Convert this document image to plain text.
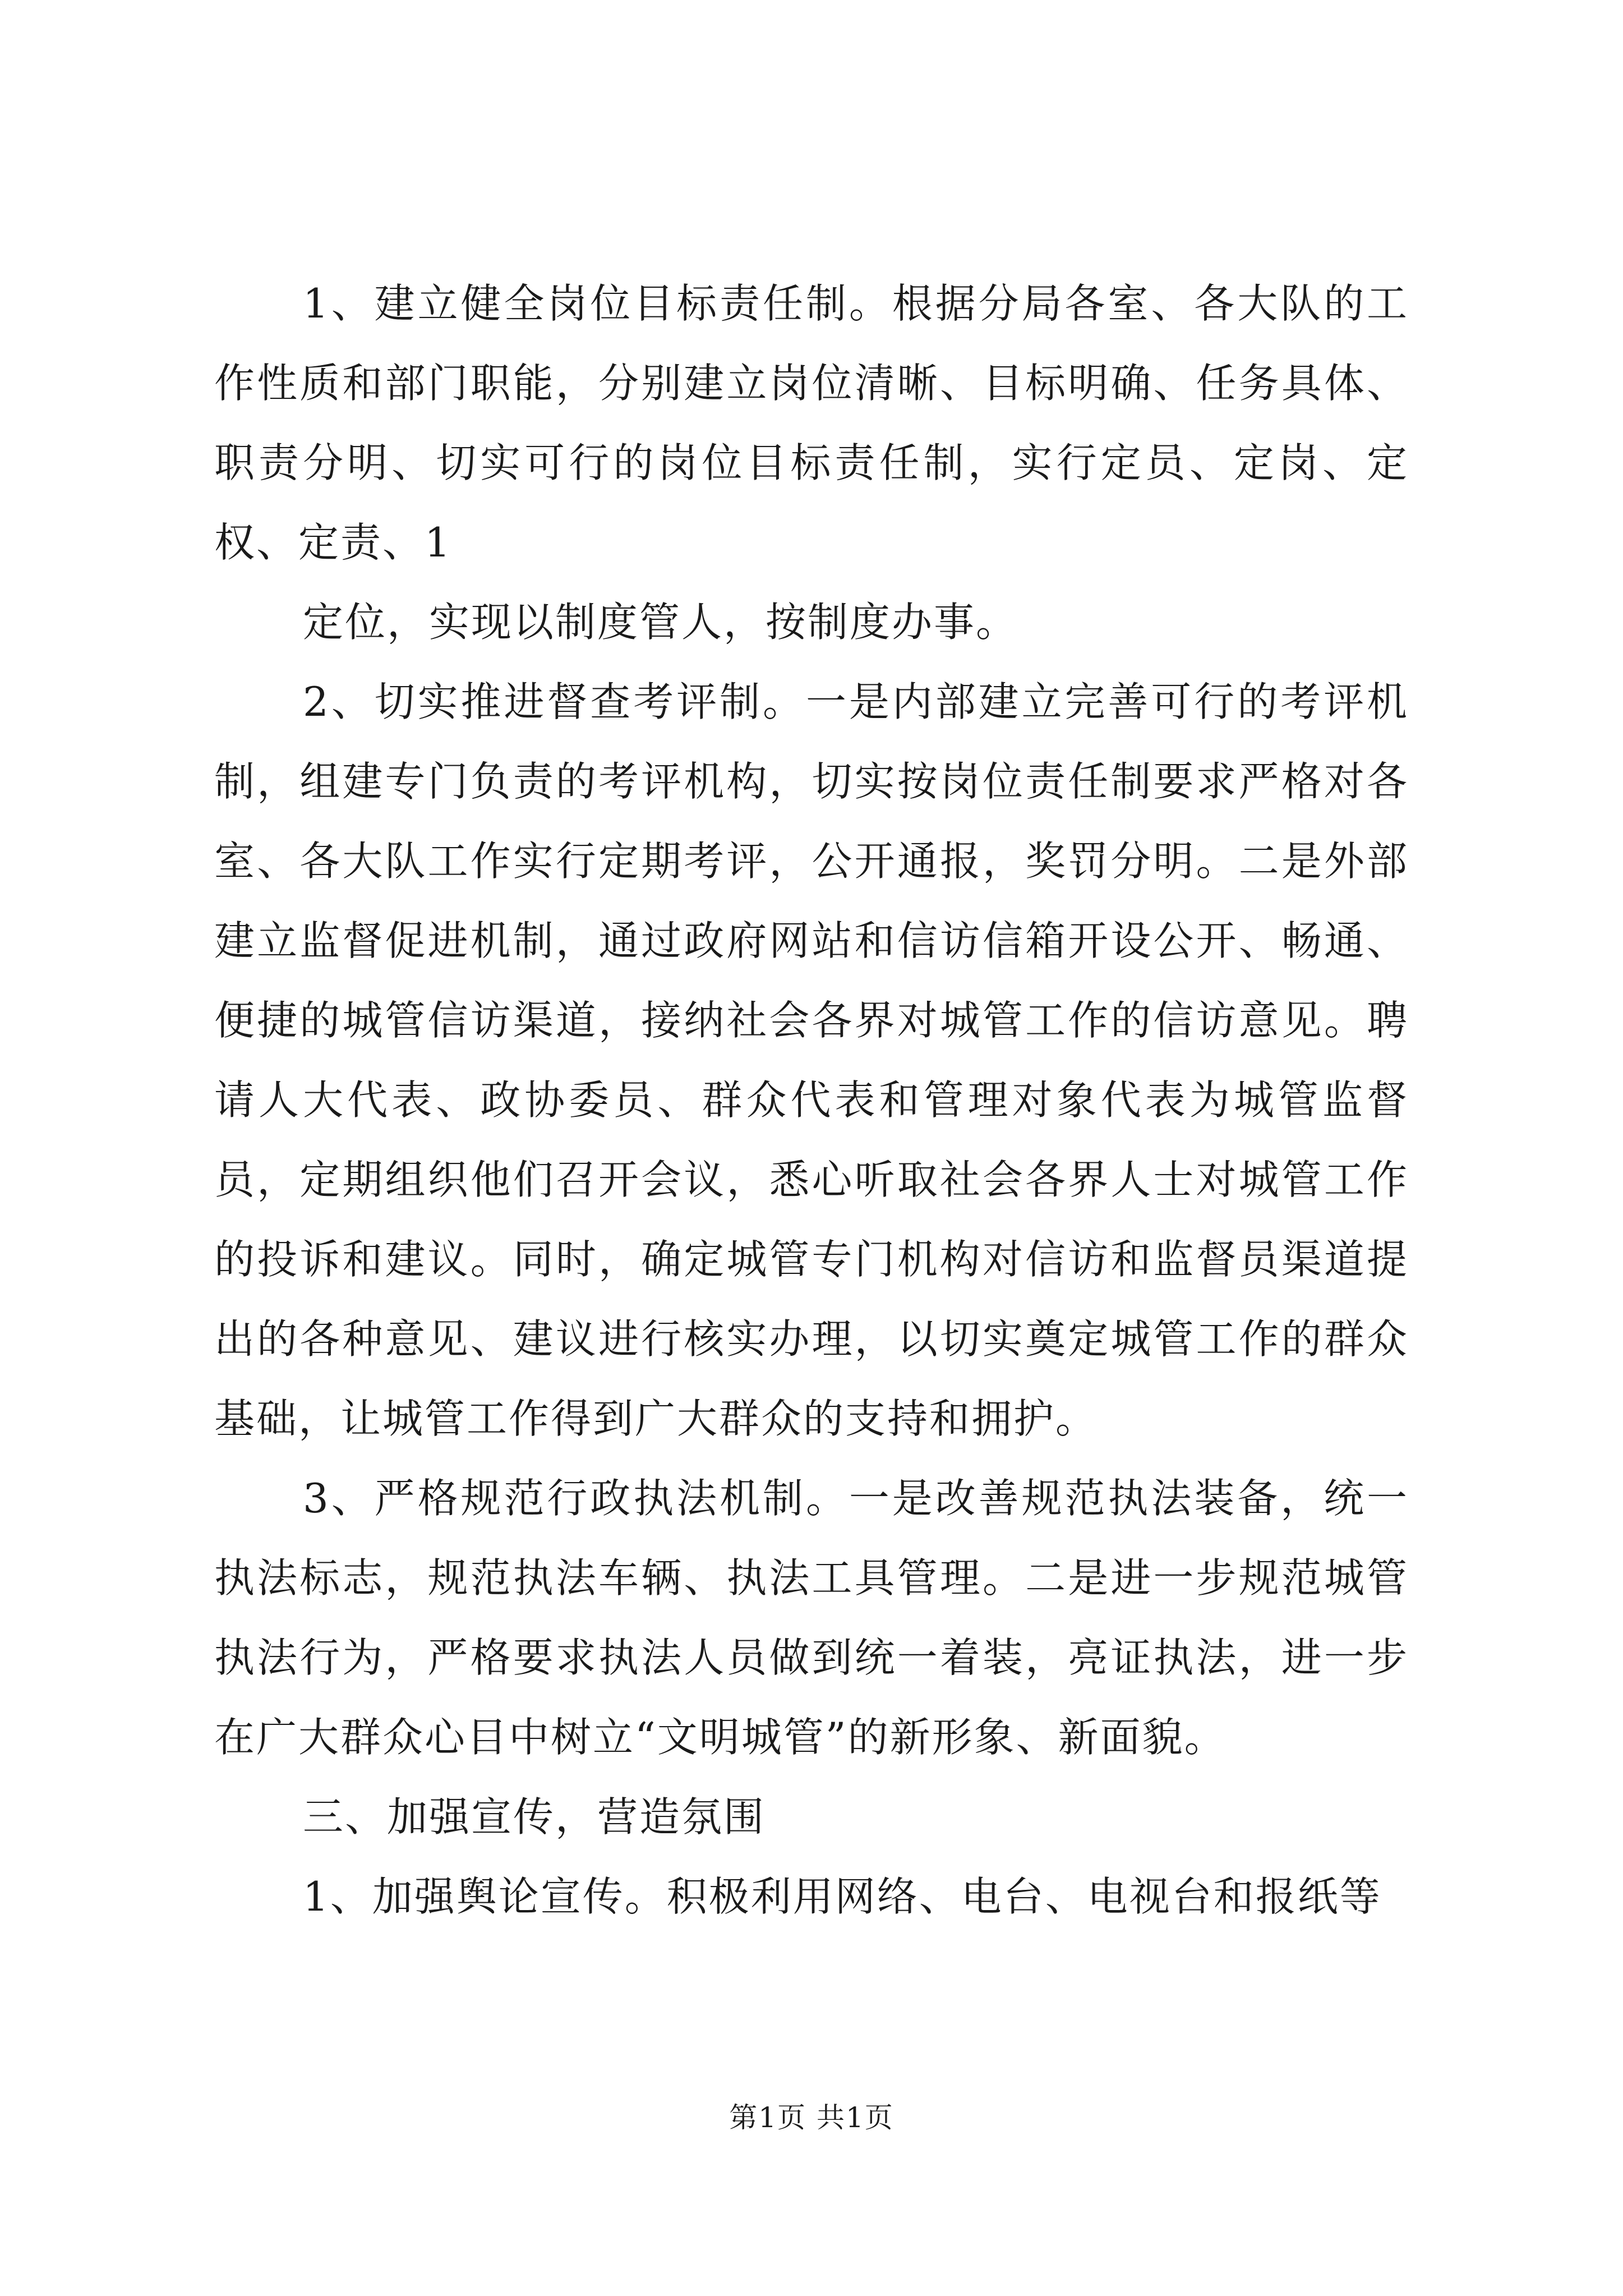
1、建立健全岗位目标责任制。根据分局各室、各大队的工作性质和部门职能，分别建立岗位清晰、目标明确、任务具体、职责分明、切实可行的岗位目标责任制，实行定员、定岗、定权、定责、1

定位，实现以制度管人，按制度办事。

2、切实推进督查考评制。一是内部建立完善可行的考评机制，组建专门负责的考评机构，切实按岗位责任制要求严格对各室、各大队工作实行定期考评，公开通报，奖罚分明。二是外部建立监督促进机制，通过政府网站和信访信箱开设公开、畅通、便捷的城管信访渠道，接纳社会各界对城管工作的信访意见。聘请人大代表、政协委员、群众代表和管理对象代表为城管监督员，定期组织他们召开会议，悉心听取社会各界人士对城管工作的投诉和建议。同时，确定城管专门机构对信访和监督员渠道提出的各种意见、建议进行核实办理，以切实奠定城管工作的群众基础，让城管工作得到广大群众的支持和拥护。

3、严格规范行政执法机制。一是改善规范执法装备，统一执法标志，规范执法车辆、执法工具管理。二是进一步规范城管执法行为，严格要求执法人员做到统一着装，亮证执法，进一步在广大群众心目中树立“文明城管”的新形象、新面貌。

三、加强宣传，营造氛围

1、加强舆论宣传。积极利用网络、电台、电视台和报纸等

第1页 共1页
